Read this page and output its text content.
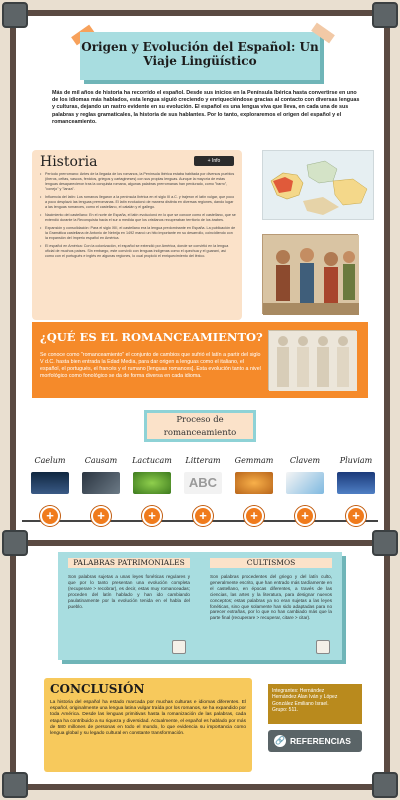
Origen y Evolución del Español: Un Viaje Lingüístico

Más de mil años de historia ha recorrido el español. Desde sus inicios en la Península Ibérica hasta convertirse en uno de los idiomas más hablados, esta lengua siguió creciendo y enriqueciéndose gracias al contacto con diversas lenguas y culturas, dejando un rastro evidente en su evolución. El español es una lengua viva que lleva, en cada una de sus palabras y reglas gramaticales, la historia de sus hablantes. Por lo tanto, exploraremos el origen del español y el romanceamiento.

Historia	+ Info
• Período prerromano: Antes de la llegada de los romanos, la Península Ibérica estaba habitada por diversos pueblos (íberos, celtas, vascos, fenicios, griegos y cartagineses) con sus propias lenguas. Aunque la mayoría de estas lenguas desaparecieron tras la conquista romana, algunas palabras prerromanas han perdurado, como "barro", "conejo" y "lanza".
• Influencia del latín: Los romanos llegaron a la península Ibérica en el siglo III a.C. y trajeron el latín vulgar, que poco a poco desplazó las lenguas prerromanas. El latín evolucionó de manera distinta en diversas regiones, dando lugar a las lenguas romances, como el castellano, el catalán y el gallego.
• Nacimiento del castellano: En el norte de España, el latín evolucionó en lo que se conoce como el castellano, que se extendió durante la Reconquista hacia el sur a medida que los cristianos recuperaban territorio de los árabes.
• Expansión y consolidación: Para el siglo XIII, el castellano era la lengua predominante en España. La publicación de la Gramática castellana de Antonio de Nebrija en 1492 marcó un hito importante en su desarrollo, coincidiendo con la expansión del Imperio español en América.
• El español en América: Con la colonización, el español se extendió por América, donde se convirtió en la lengua oficial de muchos países. Sin embargo, este convivió con lenguas indígenas como el quechua y el guaraní, así como con el portugués e inglés en algunas regiones, lo cual propició el enriquecimiento del léxico.
¿QUÉ ES EL ROMANCEAMIENTO?

Se conoce como "romanceamiento" el conjunto de cambios que sufrió el latín a partir del siglo V d.C. hasta bien entrada la Edad Media, para dar origen a lenguas como el italiano, el español, el portugués, el francés y el rumano [lenguas romances]. Esta evolución tanto a nivel morfológico como fonológico se da de forma diversa en cada idioma.

Proceso de
romanceamiento
Caelum	Causam	Lactucam	Litteram
ABC
Gemmam	Clavem	Pluviam
+	+	+	+	+	+	+
PALABRAS PATRIMONIALES

Son palabras sujetas a unas leyes fonéticas regulares y que por lo tanto presentan una evolución completa (recuperare > recobrar), es decir, estas muy romanceadas; proceden del latín hablado y han ido cambiando paulatinamente por la evolución tenida en el habla del pueblo.

CULTISMOS

Son palabras procedentes del griego y del latín culto, generalmente escrito, que han entrado más tardíamente en el castellano, en épocas diferentes, a través de las ciencias, las artes y la literatura, para designar nuevos conceptos; estas palabras ya no eran sujetas a las leyes fonéticas, sino que solamente han sido adaptadas para no parecer extrañas, por lo que no han cambiado más que la parte final (recuperare > recuperar, citare > citar).

CONCLUSIÓN

La historia del español ha estado marcada por muchas culturas e idiomas diferentes. El español, originalmente una lengua latina vulgar traída por los romanos, se ha expandido por toda América. Desde las lenguas primitivas hasta la romanización de las palabras, cada etapa ha contribuido a su riqueza y diversidad. Actualmente, el español es hablado por más de 580 millones de personas en todo el mundo, lo que evidencia su importancia como lengua global y su legado cultural en constante transformación.

Integrantes: Hernández
Hernández Alan Iván y López
González Emiliano Israel.
Grupo: 511.
🔗 REFERENCIAS
